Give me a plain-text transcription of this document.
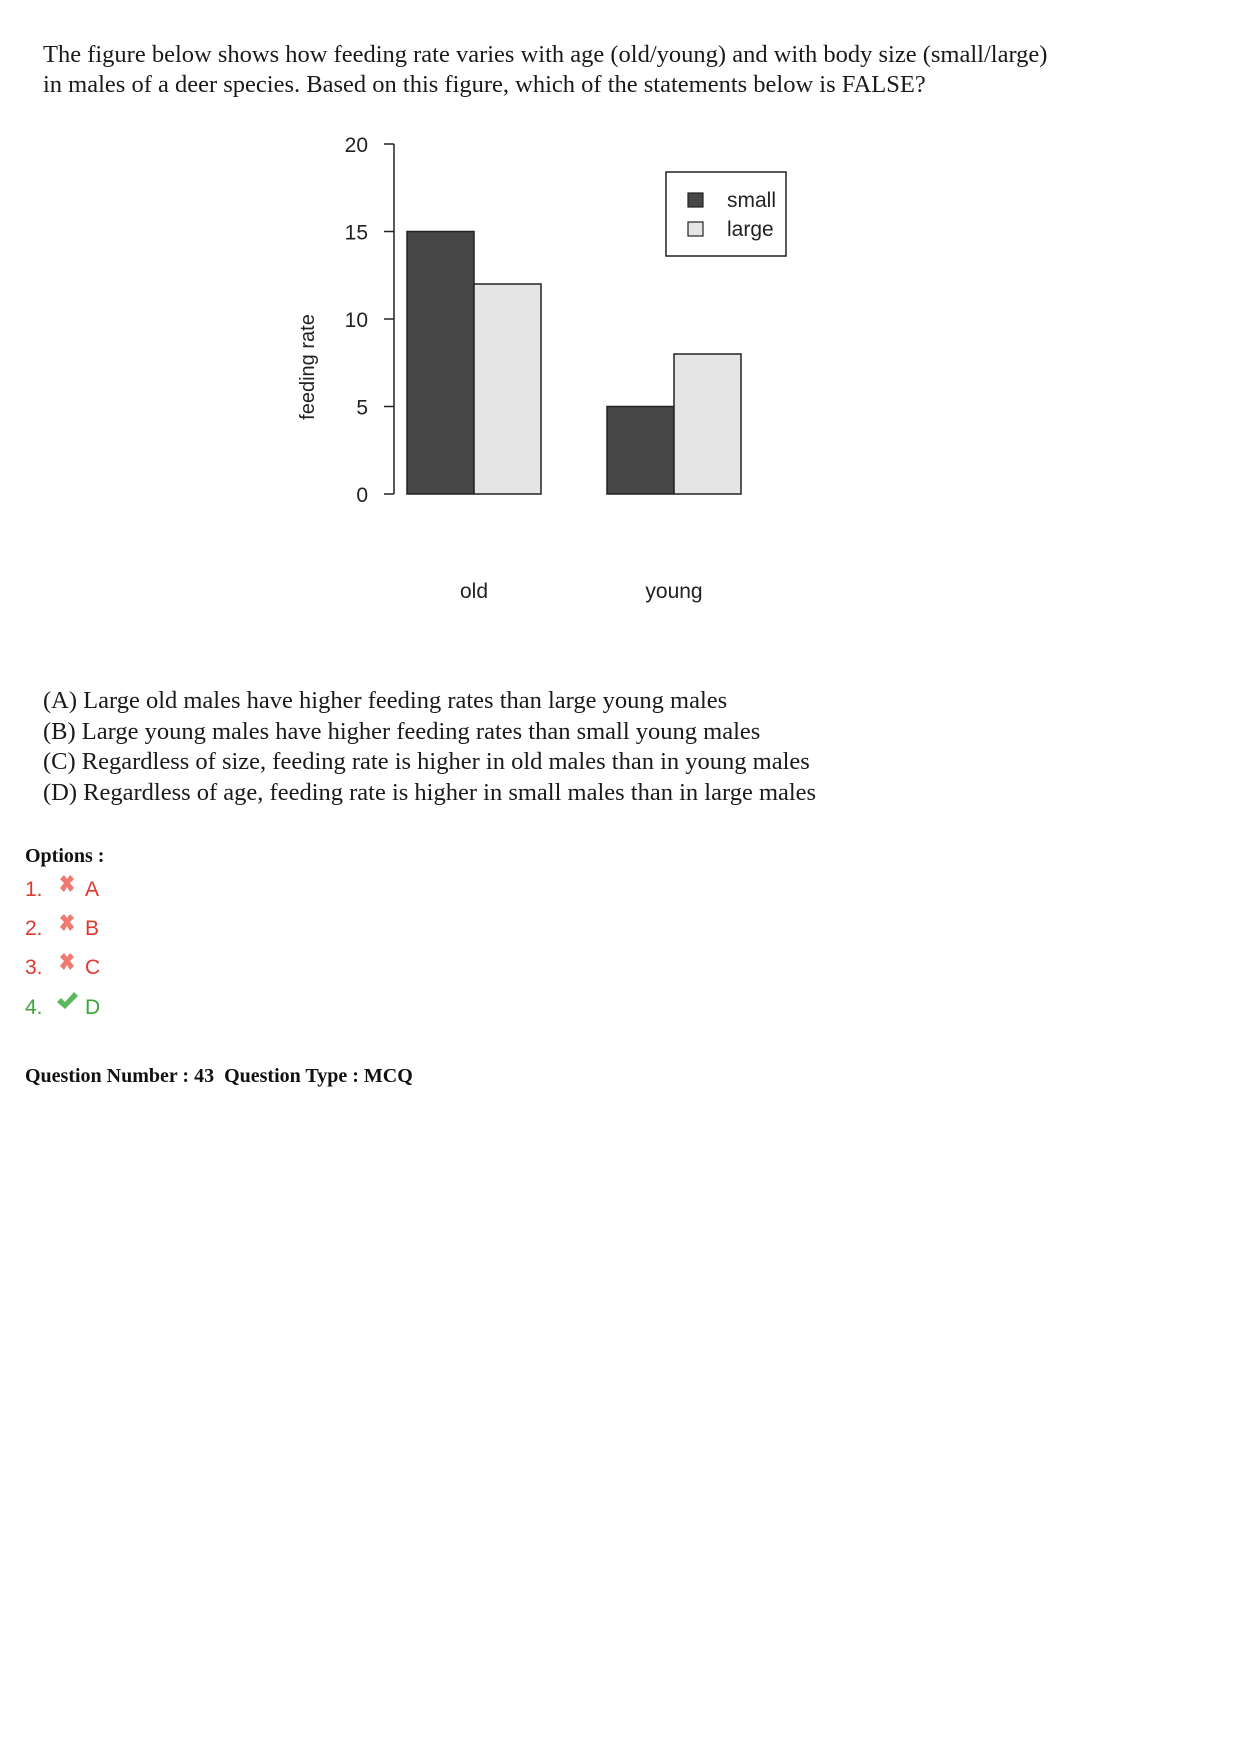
The figure below shows how feeding rate varies with age (old/young) and with body size (small/large) in males of a deer species. Based on this figure, which of the statements below is FALSE?
0
5
10
15
20
feeding rate
old	young
small
large
(A) Large old males have higher feeding rates than large young males
(B) Large young males have higher feeding rates than small young males
(C) Regardless of size, feeding rate is higher in old males than in young males
(D) Regardless of age, feeding rate is higher in small males than in large males
Options :
1.	A
2.	B
3.	C
4.	D
Question Number : 43  Question Type : MCQ
